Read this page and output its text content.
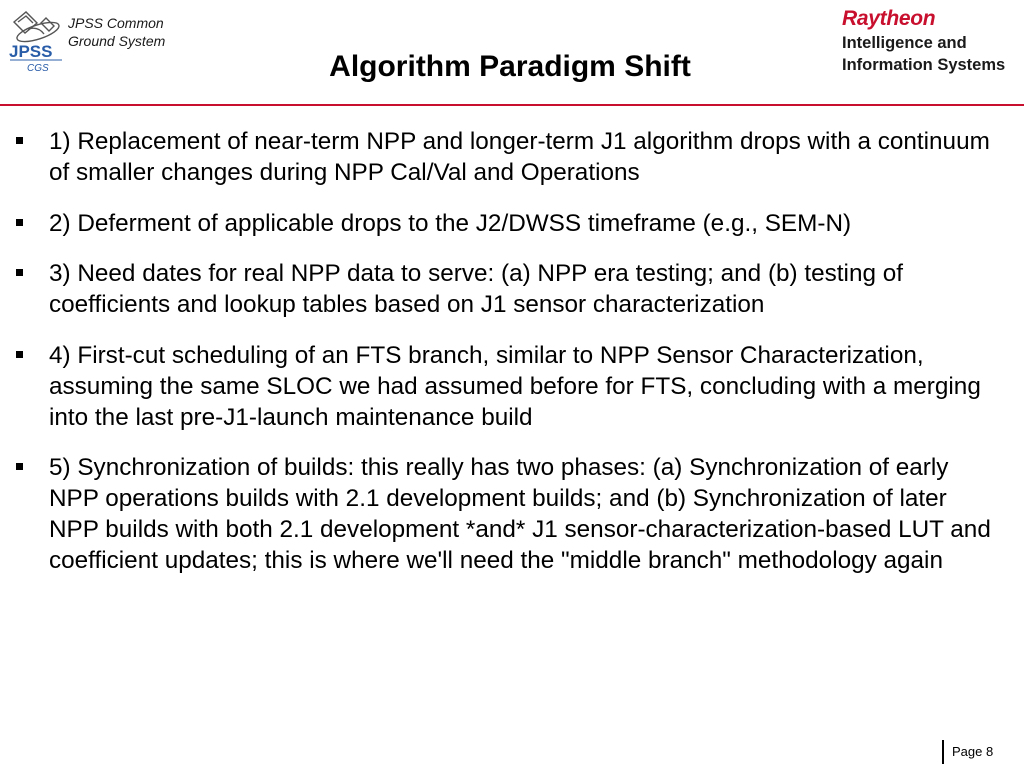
JPSS
CGS
JPSS Common
Ground System
Algorithm Paradigm Shift
Raytheon
Intelligence and
Information Systems
1) Replacement of near-term NPP and longer-term J1 algorithm drops with a continuum of smaller changes during NPP Cal/Val and Operations
2) Deferment of applicable drops to the J2/DWSS timeframe (e.g., SEM-N)
3) Need dates for real NPP data to serve: (a) NPP era testing; and (b) testing of coefficients and lookup tables based on J1 sensor characterization
4) First-cut scheduling of an FTS branch, similar to NPP Sensor Characterization, assuming the same SLOC we had assumed before for FTS, concluding with a merging into the last pre-J1-launch maintenance build
5) Synchronization of builds: this really has two phases: (a) Synchronization of early NPP operations builds with 2.1 development builds; and (b) Synchronization of later NPP builds with both 2.1 development *and* J1 sensor-characterization-based LUT and coefficient updates; this is where we'll need the "middle branch" methodology again
Page 8
